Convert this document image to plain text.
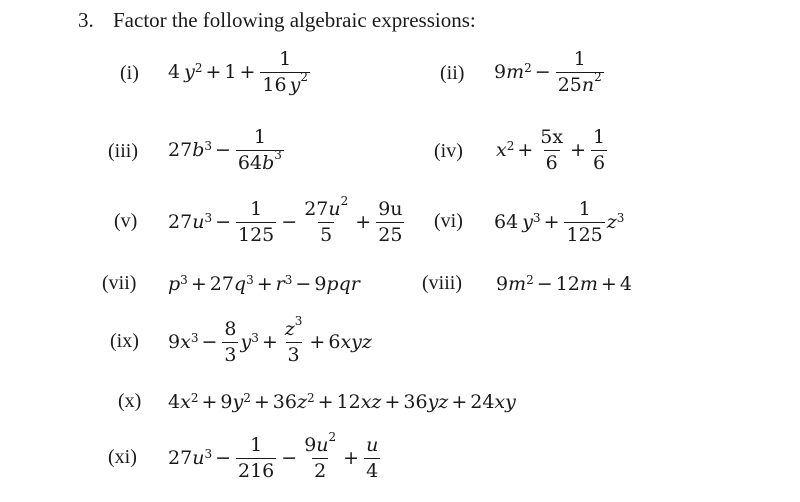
3. Factor the following algebraic expressions:
(i) 4 $y^2 + 1 + \frac{1}{16 y^2}$	(ii) 9 $m^2 - \frac{1}{25n^2}$
(iii) 27 $b^3 - \frac{1}{64b^3}$	(iv) $x^2 + \frac{5x}{6} + \frac{1}{6}$
(v) 27 $u^3 - \frac{1}{125} - \frac{27u^2}{5} + \frac{9u}{25} (vi)$ 64 $y^3 + \frac{1}{125} z^3$
(vii) $p^3 + 27$ $q^3 + r^3 - 9$ pqr	(viii) 9 $m^2 - 12$ m + 4
(ix) 9 $x^3 - \frac{8}{3} y^3 + \frac{z^3}{3} + 6$ xyz
(x) 4 $x^2 + 9$ $y^2 + 36$ $z^2 + 12$ xz + 36 yz + 24 xy
(xi) 27 $u^3 - \frac{1}{216} - \frac{9u^2}{2} + \frac{u}{4}$
